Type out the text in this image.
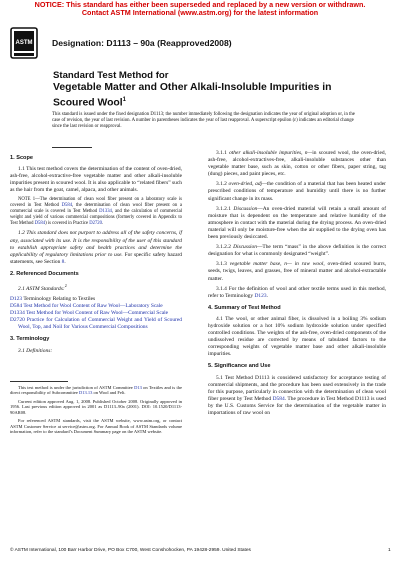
NOTICE: This standard has either been superseded and replaced by a new version or withdrawn.
Contact ASTM International (www.astm.org) for the latest information
ASTM Designation: D1113 – 90a (Reapproved2008)
Standard Test Method for
Vegetable Matter and Other Alkali-Insoluble Impurities in
Scoured Wool$^1$
This standard is issued under the fixed designation D1113; the number immediately following the designation indicates the year of original adoption or, in the case of revision, the year of last revision. A number in parentheses indicates the year of last reapproval. A superscript epsilon (ε) indicates an editorial change since the last revision or reapproval.
1. Scope

1.1 This test method covers the determination of the content of oven-dried, ash-free, alcohol-extractive-free vegetable matter and other alkali-insoluble impurities present in scoured wool. It is also applicable to “related fibers” such as the hair from the goat, camel, alpaca, and other animals.

NOTE 1—The determination of clean wool fiber present on a laboratory scale is covered in Test Method D584, the determination of clean wool fiber present on a commercial scale is covered in Test Method D1334, and the calculation of commercial weight and yield of various commercial compositions (formerly covered in Appendix to Test Method D584) is covered in Practice D2720.

1.2 This standard does not purport to address all of the safety concerns, if any, associated with its use. It is the responsibility of the user of this standard to establish appropriate safety and health practices and determine the applicability of regulatory limitations prior to use. For specific safety hazard statements, see Section 8.

2. Referenced Documents

2.1 ASTM Standards:$^2$

D123 Terminology Relating to Textiles

D584 Test Method for Wool Content of Raw Wool—Laboratory Scale

D1334 Test Method for Wool Content of Raw Wool—Commercial Scale

D2720 Practice for Calculation of Commercial Weight and Yield of Scoured Wool, Top, and Noil for Various Commercial Compositions

3. Terminology

3.1 Definitions:

This test method is under the jurisdiction of ASTM Committee D13 on Textiles and is the direct responsibility of Subcommittee D13.13 on Wool and Felt.

Current edition approved Aug. 1, 2008. Published October 2008. Originally approved in 1956. Last previous edition approved in 2001 as D1113–90a (2001). DOI: 10.1520/D1113-90AR08.

For referenced ASTM standards, visit the ASTM website, www.astm.org, or contact ASTM Customer Service at service@astm.org. For Annual Book of ASTM Standards volume information, refer to the standard’s Document Summary page on the ASTM website.

3.1.1 other alkali-insoluble impurities, n—in scoured wool, the oven-dried, ash-free, alcohol-extractives-free, alkali-insoluble substances other than vegetable matter base, such as skin, cotton or other fibers, paper string, tag (dung) pieces, and paint pieces, etc.

3.1.2 oven-dried, adj—the condition of a material that has been heated under prescribed conditions of temperature and humidity until there is no further significant change in its mass.

3.1.2.1 Discussion—An oven-dried material will retain a small amount of moisture that is dependent on the temperature and relative humidity of the atmosphere in contact with the material during the drying process. An oven-dried material will only be moisture-free when the air supplied to the drying oven has been previously desiccated.

3.1.2.2 Discussion—The term “mass” in the above definition is the correct designation for what is commonly designated “weight”.

3.1.3 vegetable matter base, n— in raw wool, oven-dried scoured burrs, seeds, twigs, leaves, and grasses, free of mineral matter and alcohol-extractable matter.

3.1.4 For the definition of wool and other textile terms used in this method, refer to Terminology D123.

4. Summary of Test Method

4.1 The wool, or other animal fiber, is dissolved in a boiling 3% sodium hydroxide solution or a hot 10% sodium hydroxide solution under specified controlled conditions. The weights of the ash-free, oven-dried components of the undissolved residue are corrected by means of tabulated factors to the corresponding weights of vegetable matter base and other alkali-insoluble impurities.

5. Significance and Use

5.1 Test Method D1113 is considered satisfactory for acceptance testing of commercial shipments, and the procedure has been used extensively in the trade for this purpose, particularly in connection with the determination of clean wool fiber present by Test Method D584. The procedure in Test Method D1113 is used by the U.S. Customs Service for the determination of the vegetable matter in importations of raw wool on

© ASTM International, 100 Barr Harbor Drive, PO Box C700, West Conshohocken, PA 19428-2959. United States	1
